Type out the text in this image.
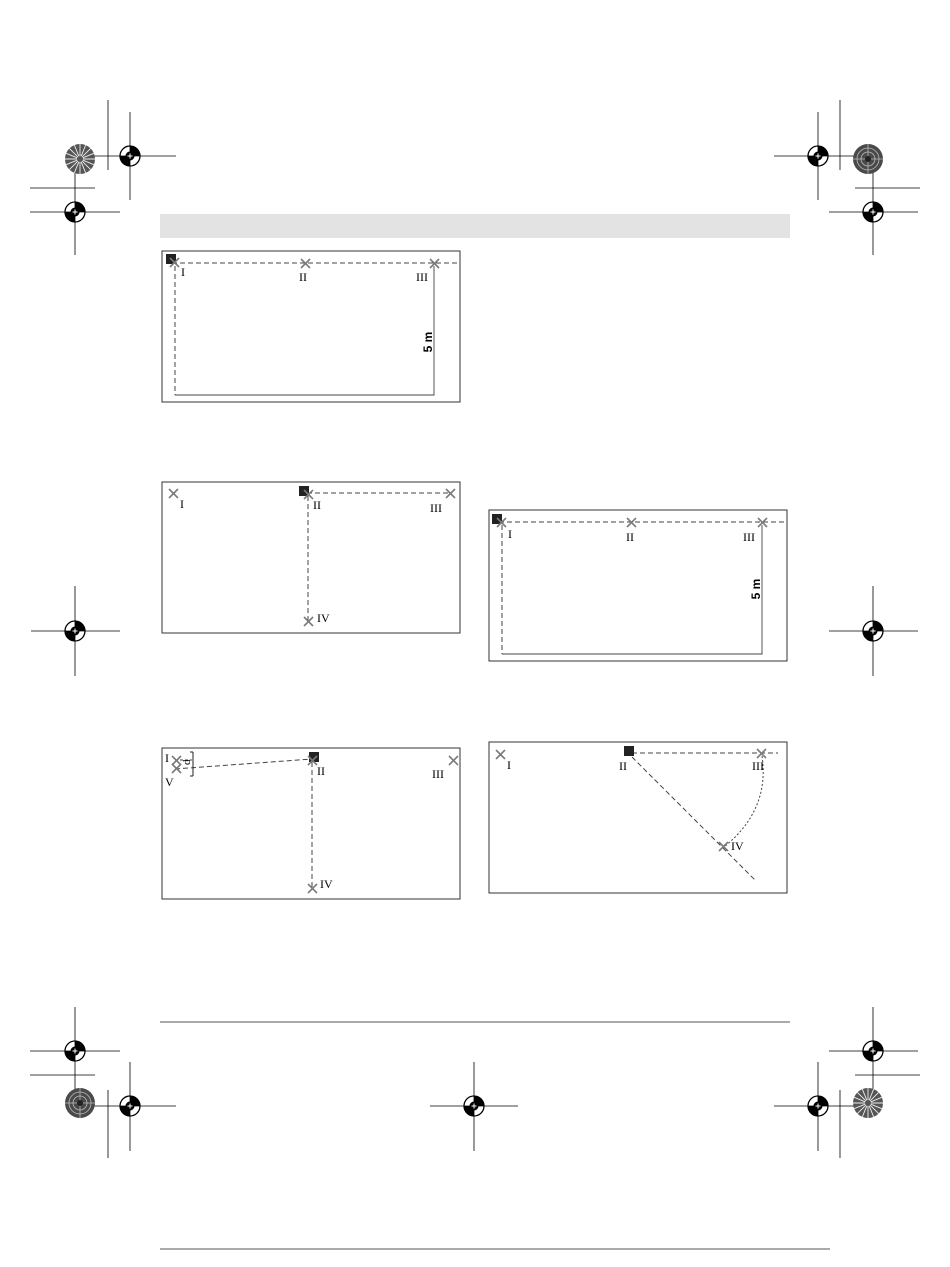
I	II	III
5 m
I	II	III
IV
d
I
II	III
IV
V
I	II	III
5 m
I	II	III
IV
